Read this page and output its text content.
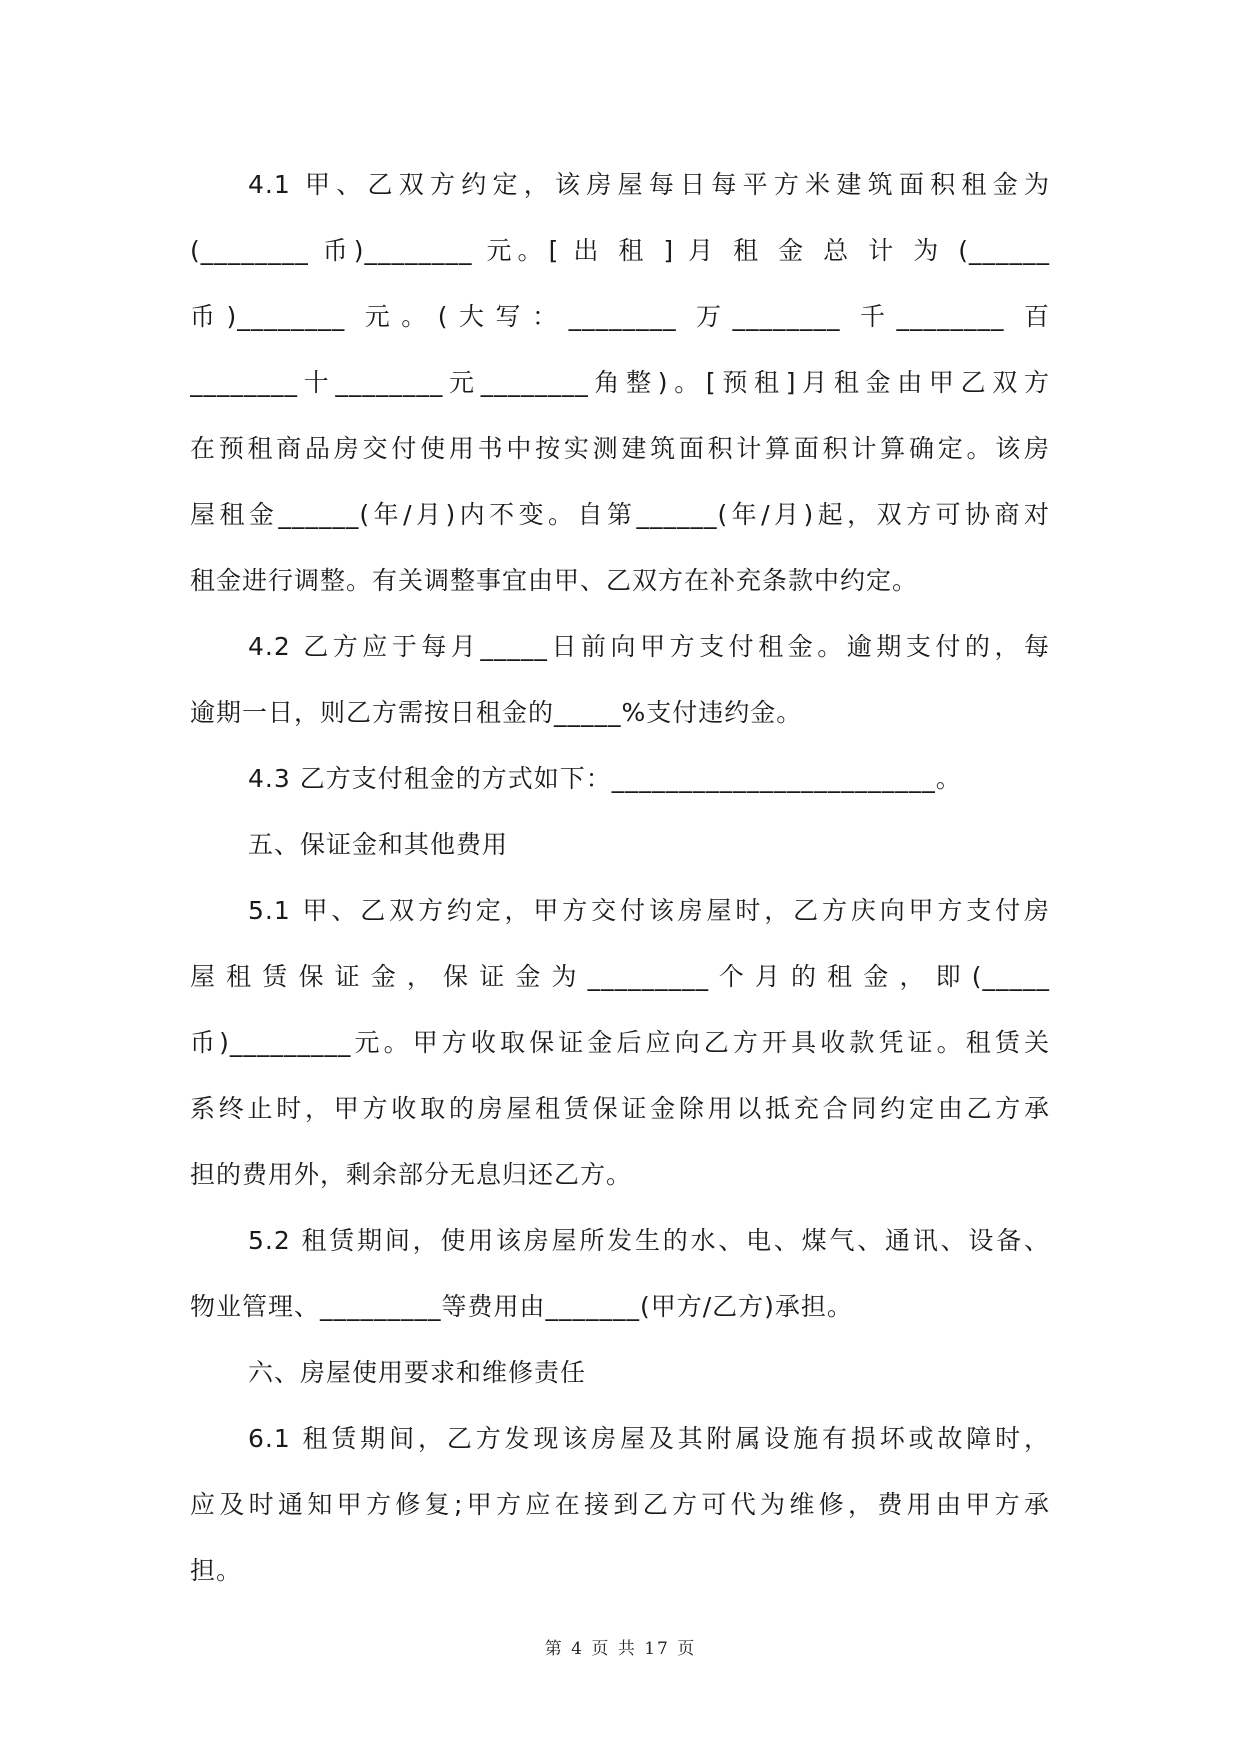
4.1 甲、乙双方约定，该房屋每日每平方米建筑面积租金为
(________ 币)________ 元。[ 出 租 ] 月 租 金 总 计 为 (______
币)________ 元。(大写：________ 万________ 千________ 百
________十________元________角整)。[预租]月租金由甲乙双方
在预租商品房交付使用书中按实测建筑面积计算面积计算确定。该房
屋租金______(年/月)内不变。自第______(年/月)起，双方可协商对
租金进行调整。有关调整事宜由甲、乙双方在补充条款中约定。
4.2 乙方应于每月_____日前向甲方支付租金。逾期支付的，每
逾期一日，则乙方需按日租金的_____%支付违约金。
4.3 乙方支付租金的方式如下：________________________。
五、保证金和其他费用
5.1 甲、乙双方约定，甲方交付该房屋时，乙方庆向甲方支付房
屋 租 赁 保 证 金 ， 保 证 金 为 _________ 个 月 的 租 金 ， 即 (_____
币)_________元。甲方收取保证金后应向乙方开具收款凭证。租赁关
系终止时，甲方收取的房屋租赁保证金除用以抵充合同约定由乙方承
担的费用外，剩余部分无息归还乙方。
5.2 租赁期间，使用该房屋所发生的水、电、煤气、通讯、设备、
物业管理、_________等费用由_______(甲方/乙方)承担。
六、房屋使用要求和维修责任
6.1 租赁期间，乙方发现该房屋及其附属设施有损坏或故障时，
应及时通知甲方修复;甲方应在接到乙方可代为维修，费用由甲方承
担。
第 4 页 共 17 页
